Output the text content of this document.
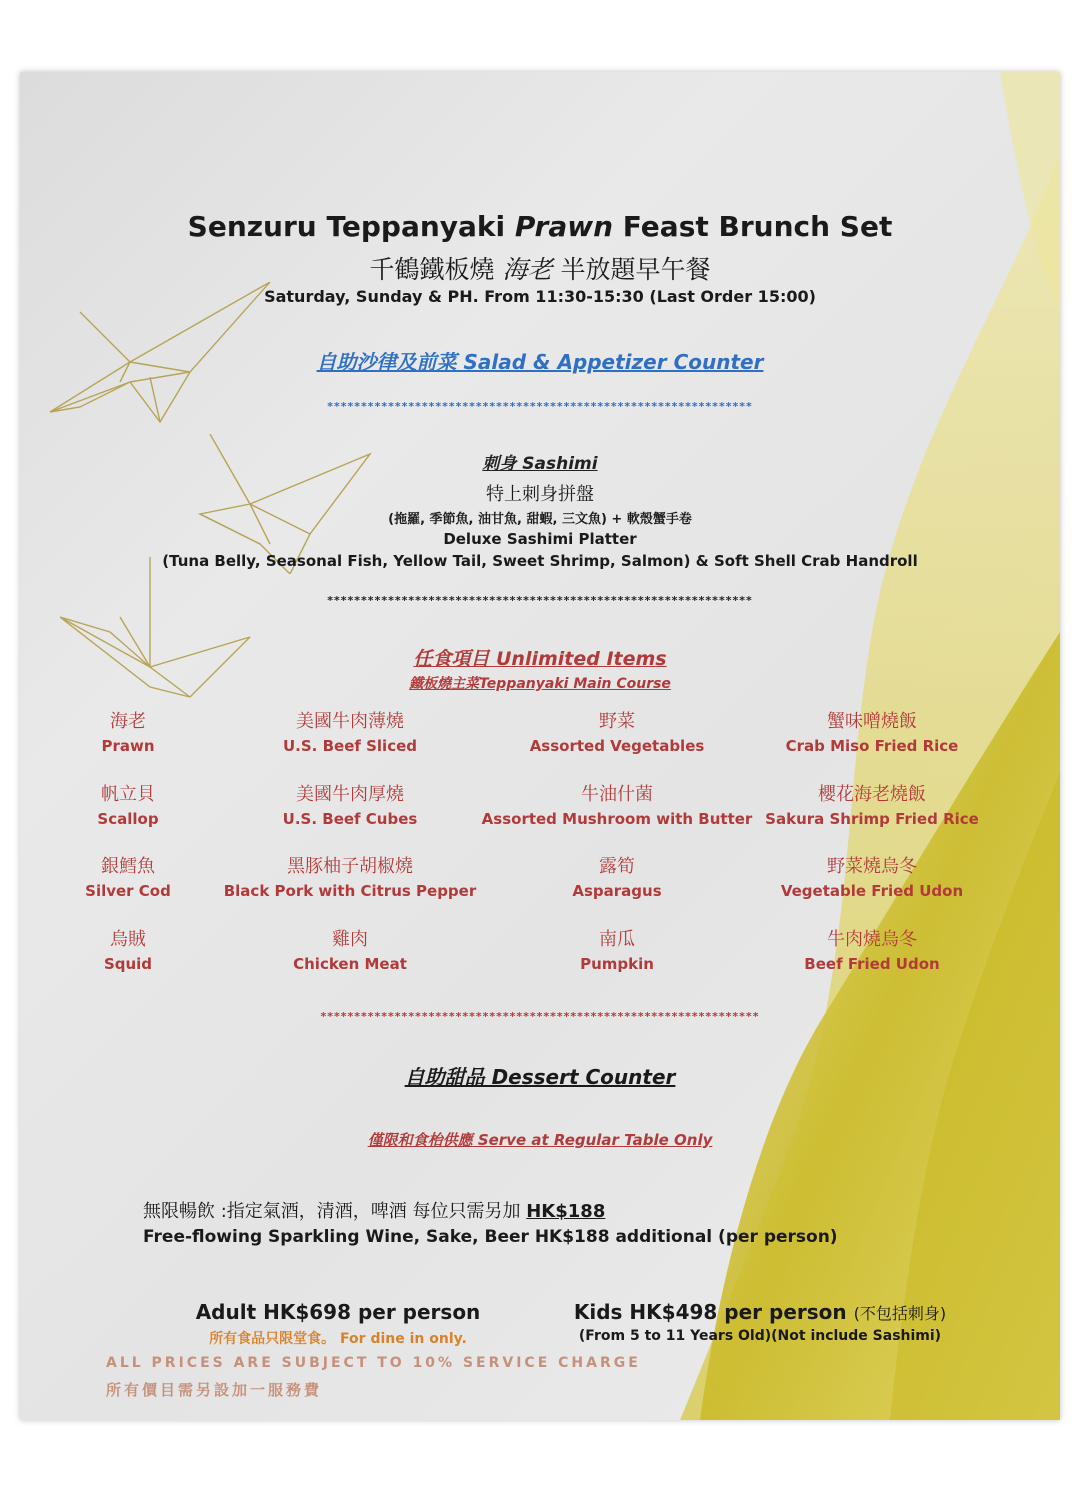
Senzuru Teppanyaki Prawn Feast Brunch Set
千鶴鐵板燒 海老 半放題早午餐
Saturday, Sunday & PH. From 11:30-15:30 (Last Order 15:00)
自助沙律及前菜 Salad & Appetizer Counter
***************************************************************
刺身 Sashimi
特上刺身拼盤
(拖羅, 季節魚, 油甘魚, 甜蝦, 三文魚) + 軟殼蟹手卷
Deluxe Sashimi Platter
(Tuna Belly, Seasonal Fish, Yellow Tail, Sweet Shrimp, Salmon) & Soft Shell Crab Handroll
***************************************************************
任食項目 Unlimited Items
鐵板燒主菜Teppanyaki Main Course
海老
Prawn
美國牛肉薄燒
U.S. Beef Sliced
野菜
Assorted Vegetables
蟹味噌燒飯
Crab Miso Fried Rice
帆立貝
Scallop
美國牛肉厚燒
U.S. Beef Cubes
牛油什菌
Assorted Mushroom with Butter
櫻花海老燒飯
Sakura Shrimp Fried Rice
銀鱈魚
Silver Cod
黑豚柚子胡椒燒
Black Pork with Citrus Pepper
露筍
Asparagus
野菜燒烏冬
Vegetable Fried Udon
烏賊
Squid
雞肉
Chicken Meat
南瓜
Pumpkin
牛肉燒烏冬
Beef Fried Udon
*****************************************************************
自助甜品 Dessert Counter
僅限和食枱供應 Serve at Regular Table Only
無限暢飲 :指定氣酒，清酒，啤酒 每位只需另加 HK$188
Free-flowing Sparkling Wine, Sake, Beer HK$188 additional (per person)
Adult HK$698 per person
所有食品只限堂食。 For dine in only.
Kids HK$498 per person (不包括刺身)
(From 5 to 11 Years Old)(Not include Sashimi)
ALL PRICES ARE SUBJECT TO 10% SERVICE CHARGE
所有價目需另設加一服務費
